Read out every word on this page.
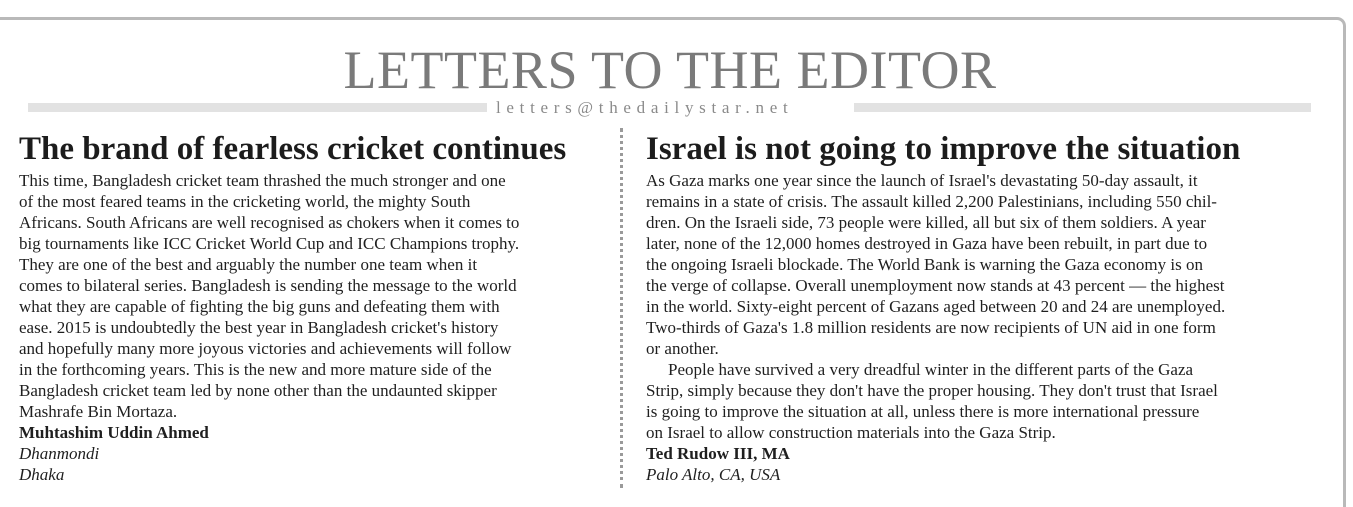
LETTERS TO THE EDITOR
letters@thedailystar.net
The brand of fearless cricket continues

This time, Bangladesh cricket team thrashed the much stronger and one

of the most feared teams in the cricketing world, the mighty South

Africans. South Africans are well recognised as chokers when it comes to

big tournaments like ICC Cricket World Cup and ICC Champions trophy.

They are one of the best and arguably the number one team when it

comes to bilateral series. Bangladesh is sending the message to the world

what they are capable of fighting the big guns and defeating them with

ease. 2015 is undoubtedly the best year in Bangladesh cricket's history

and hopefully many more joyous victories and achievements will follow

in the forthcoming years. This is the new and more mature side of the

Bangladesh cricket team led by none other than the undaunted skipper

Mashrafe Bin Mortaza.

Muhtashim Uddin Ahmed

Dhanmondi

Dhaka

Israel is not going to improve the situation

As Gaza marks one year since the launch of Israel's devastating 50-day assault, it

remains in a state of crisis. The assault killed 2,200 Palestinians, including 550 chil-

dren. On the Israeli side, 73 people were killed, all but six of them soldiers. A year

later, none of the 12,000 homes destroyed in Gaza have been rebuilt, in part due to

the ongoing Israeli blockade. The World Bank is warning the Gaza economy is on

the verge of collapse. Overall unemployment now stands at 43 percent — the highest

in the world. Sixty-eight percent of Gazans aged between 20 and 24 are unemployed.

Two-thirds of Gaza's 1.8 million residents are now recipients of UN aid in one form

or another.

People have survived a very dreadful winter in the different parts of the Gaza

Strip, simply because they don't have the proper housing. They don't trust that Israel

is going to improve the situation at all, unless there is more international pressure

on Israel to allow construction materials into the Gaza Strip.

Ted Rudow III, MA

Palo Alto, CA, USA
